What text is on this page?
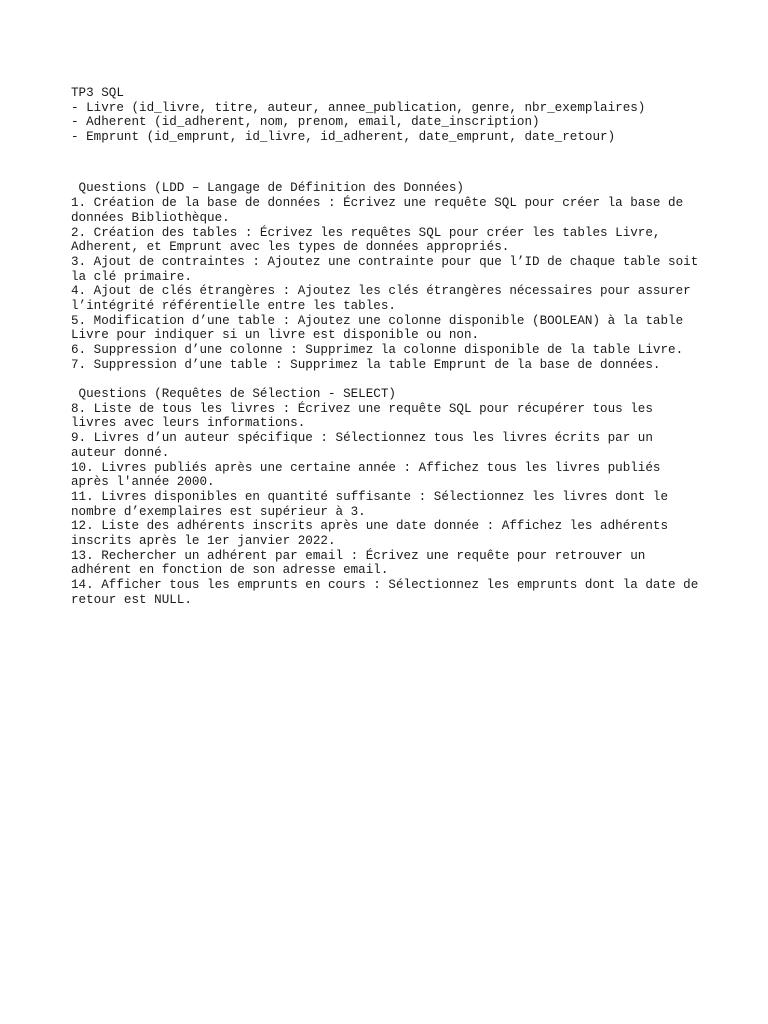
TP3 SQL
- Livre (id_livre, titre, auteur, annee_publication, genre, nbr_exemplaires)
- Adherent (id_adherent, nom, prenom, email, date_inscription)
- Emprunt (id_emprunt, id_livre, id_adherent, date_emprunt, date_retour)
Questions (LDD – Langage de Définition des Données)
1. Création de la base de données : Écrivez une requête SQL pour créer la base de
données Bibliothèque.
2. Création des tables : Écrivez les requêtes SQL pour créer les tables Livre,
Adherent, et Emprunt avec les types de données appropriés.
3. Ajout de contraintes : Ajoutez une contrainte pour que l’ID de chaque table soit
la clé primaire.
4. Ajout de clés étrangères : Ajoutez les clés étrangères nécessaires pour assurer
l’intégrité référentielle entre les tables.
5. Modification d’une table : Ajoutez une colonne disponible (BOOLEAN) à la table
Livre pour indiquer si un livre est disponible ou non.
6. Suppression d’une colonne : Supprimez la colonne disponible de la table Livre.
7. Suppression d’une table : Supprimez la table Emprunt de la base de données.
Questions (Requêtes de Sélection - SELECT)
8. Liste de tous les livres : Écrivez une requête SQL pour récupérer tous les
livres avec leurs informations.
9. Livres d’un auteur spécifique : Sélectionnez tous les livres écrits par un
auteur donné.
10. Livres publiés après une certaine année : Affichez tous les livres publiés
après l'année 2000.
11. Livres disponibles en quantité suffisante : Sélectionnez les livres dont le
nombre d’exemplaires est supérieur à 3.
12. Liste des adhérents inscrits après une date donnée : Affichez les adhérents
inscrits après le 1er janvier 2022.
13. Rechercher un adhérent par email : Écrivez une requête pour retrouver un
adhérent en fonction de son adresse email.
14. Afficher tous les emprunts en cours : Sélectionnez les emprunts dont la date de
retour est NULL.
